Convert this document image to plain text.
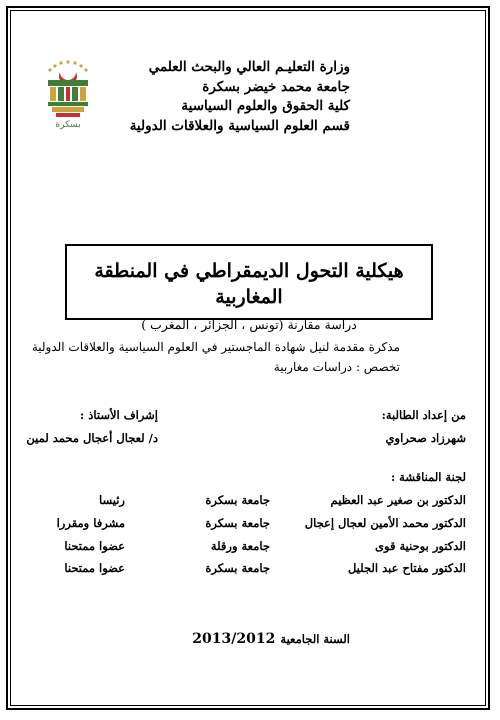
بسكرة
وزارة التعليـم العالي والبحث العلمي
جامعة محمد خيضر بسكرة
كلية الحقوق والعلوم السياسية
قسم العلوم السياسية والعلاقات الدولية
هيكلية التحول الديمقراطي في المنطقة المغاربية
دراسة مقارنة (تونس ، الجزائر ، المغرب )
مذكرة مقدمة لنيل شهادة الماجستير في العلوم السياسية والعلاقات الدولية
تخصص : دراسات مغاربية
من إعداد الطالبة:
شهرزاد صحراوي
إشراف الأستاذ :
د/ لعجال أعجال محمد لمين
لجنة المناقشة :
الدكتور بن صغير عبد العظيم
جامعة بسكرة
رئيسا
الدكتور محمد الأمين لعجال إعجال
جامعة بسكرة
مشرفا ومقررا
الدكتور بوحنية قوى
جامعة ورقلة
عضوا ممتحنا
الدكتور مفتاح عبد الجليل
جامعة بسكرة
عضوا ممتحنا
السنة الجامعية 2013/2012
